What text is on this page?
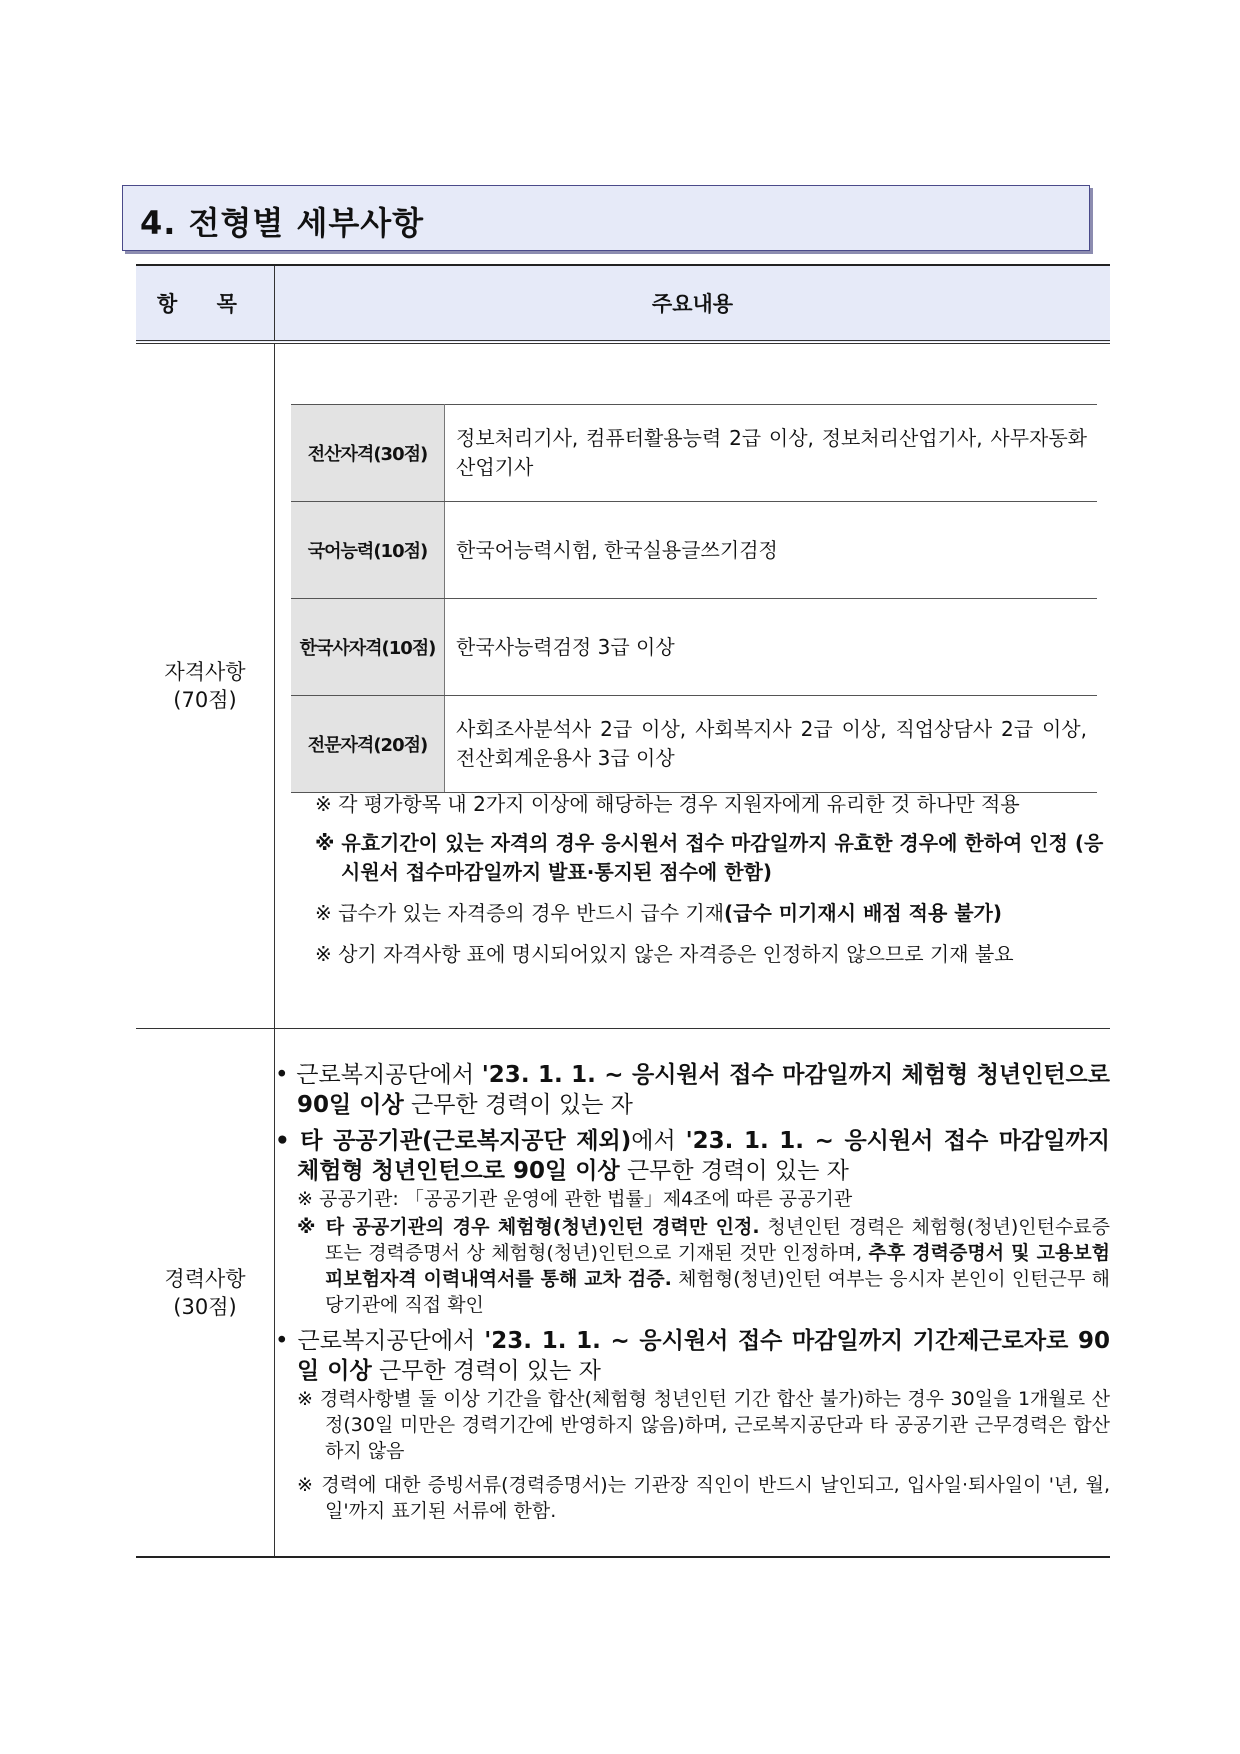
4. 전형별 세부사항
항 목	주요내용

자격사항
(70점)

전산자격(30점)	정보처리기사, 컴퓨터활용능력 2급 이상, 정보처리산업기사, 사무자동화산업기사
국어능력(10점)	한국어능력시험, 한국실용글쓰기검정
한국사자격(10점)	한국사능력검정 3급 이상
전문자격(20점)	사회조사분석사 2급 이상, 사회복지사 2급 이상, 직업상담사 2급 이상, 전산회계운용사 3급 이상

※ 각 평가항목 내 2가지 이상에 해당하는 경우 지원자에게 유리한 것 하나만 적용

※ 유효기간이 있는 자격의 경우 응시원서 접수 마감일까지 유효한 경우에 한하여 인정 (응시원서 접수마감일까지 발표·통지된 점수에 한함)

※ 급수가 있는 자격증의 경우 반드시 급수 기재(급수 미기재시 배점 적용 불가)

※ 상기 자격사항 표에 명시되어있지 않은 자격증은 인정하지 않으므로 기재 불요

경력사항
(30점)

• 근로복지공단에서 '23. 1. 1. ~ 응시원서 접수 마감일까지 체험형 청년인턴으로 90일 이상 근무한 경력이 있는 자

• 타 공공기관(근로복지공단 제외)에서 '23. 1. 1. ~ 응시원서 접수 마감일까지 체험형 청년인턴으로 90일 이상 근무한 경력이 있는 자

※ 공공기관: 「공공기관 운영에 관한 법률」제4조에 따른 공공기관

※ 타 공공기관의 경우 체험형(청년)인턴 경력만 인정. 청년인턴 경력은 체험형(청년)인턴수료증 또는 경력증명서 상 체험형(청년)인턴으로 기재된 것만 인정하며, 추후 경력증명서 및 고용보험 피보험자격 이력내역서를 통해 교차 검증. 체험형(청년)인턴 여부는 응시자 본인이 인턴근무 해당기관에 직접 확인

• 근로복지공단에서 '23. 1. 1. ~ 응시원서 접수 마감일까지 기간제근로자로 90일 이상 근무한 경력이 있는 자

※ 경력사항별 둘 이상 기간을 합산(체험형 청년인턴 기간 합산 불가)하는 경우 30일을 1개월로 산정(30일 미만은 경력기간에 반영하지 않음)하며, 근로복지공단과 타 공공기관 근무경력은 합산하지 않음

※ 경력에 대한 증빙서류(경력증명서)는 기관장 직인이 반드시 날인되고, 입사일·퇴사일이 '년, 월, 일'까지 표기된 서류에 한함.
